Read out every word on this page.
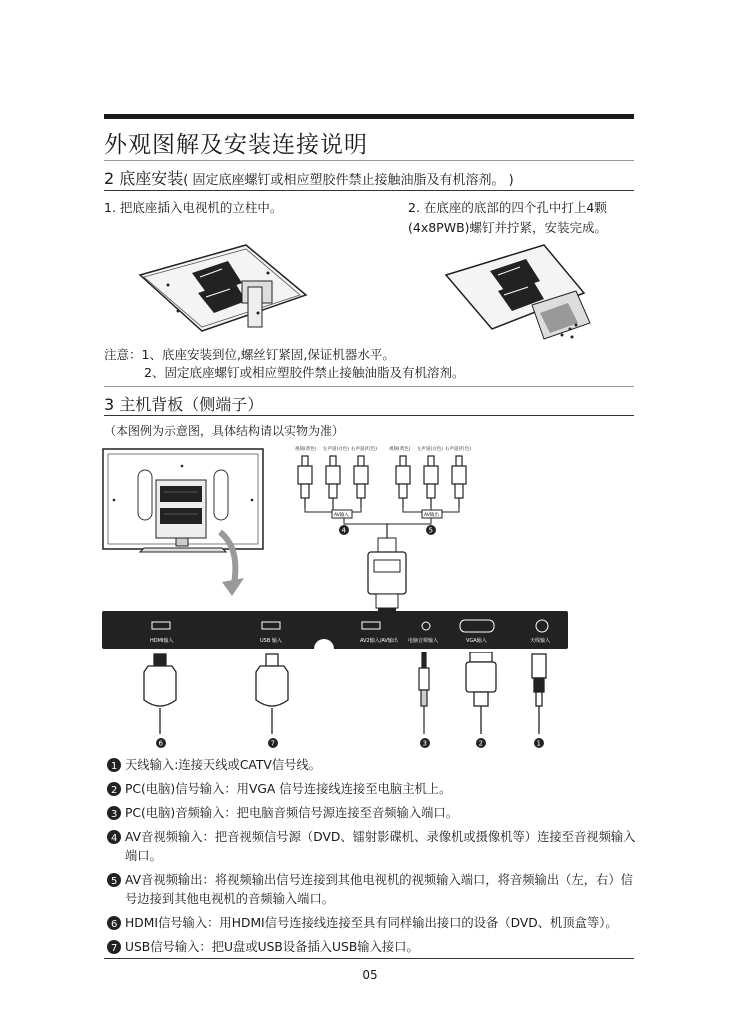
外观图解及安装连接说明
2 底座安装( 固定底座螺钉或相应塑胶件禁止接触油脂及有机溶剂。 )
1. 把底座插入电视机的立柱中。	2. 在底座的底部的四个孔中打上4颗
(4x8PWB)螺钉并拧紧，安装完成。
注意：1、底座安装到位,螺丝钉紧固,保证机器水平。
2、固定底座螺钉或相应塑胶件禁止接触油脂及有机溶剂。
3 主机背板（侧端子）
（本图例为示意图，具体结构请以实物为准）
视频(黄色) 左声道(白色) 右声道(红色)	视频(黄色) 左声道(白色) 右声道(红色)
AV输入	AV输出
4	5
HDMI输入	USB 输入	AV2输入/AV输出 电脑音频输入	VGA输入	天线输入
6	7	3	2	1
1 天线输入:连接天线或CATV信号线。
2 PC(电脑)信号输入：用VGA 信号连接线连接至电脑主机上。
3 PC(电脑)音频输入：把电脑音频信号源连接至音频输入端口。
4 AV音视频输入：把音视频信号源（DVD、镭射影碟机、录像机或摄像机等）连接至音视频输入端口。
5 AV音视频输出：将视频输出信号连接到其他电视机的视频输入端口，将音频输出（左，右）信号边接到其他电视机的音频输入端口。
6 HDMI信号输入：用HDMI信号连接线连接至具有同样输出接口的设备（DVD、机顶盒等）。
7 USB信号输入：把U盘或USB设备插入USB输入接口。
05
